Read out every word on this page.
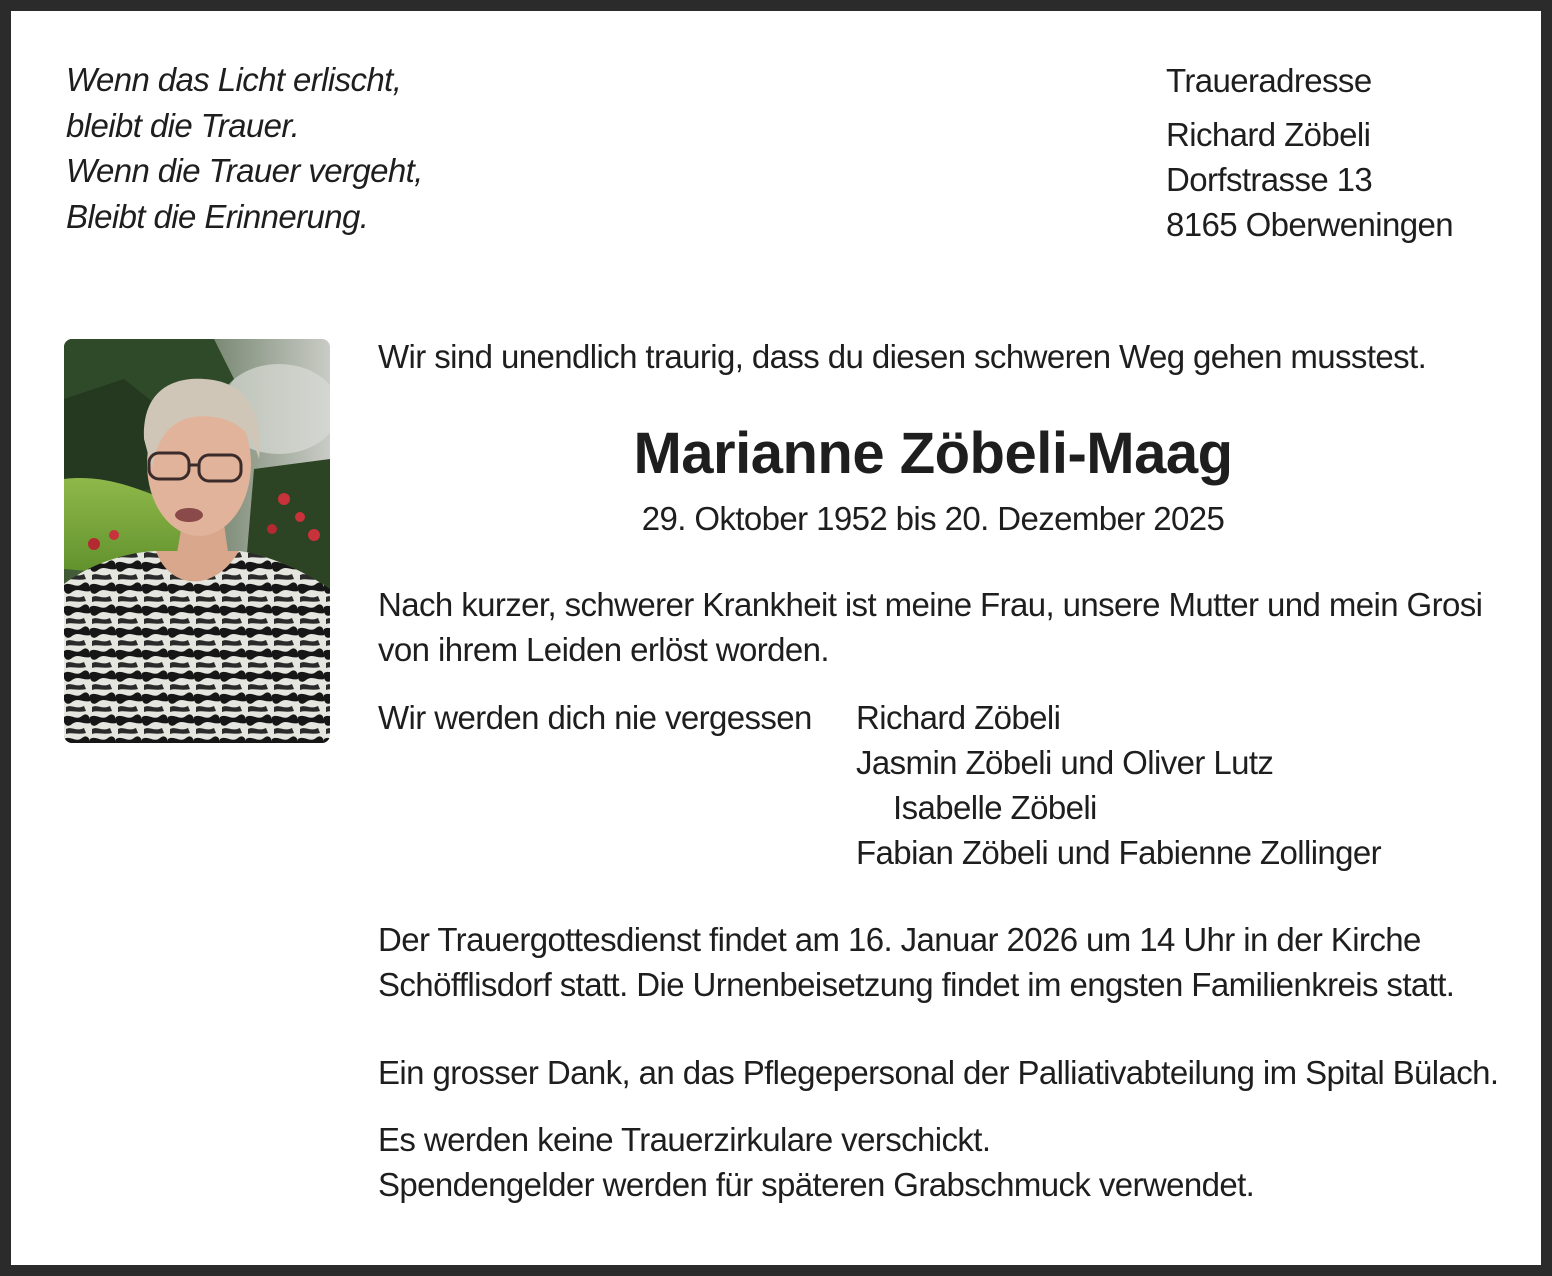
Wenn das Licht erlischt,
bleibt die Trauer.
Wenn die Trauer vergeht,
Bleibt die Erinnerung.
Traueradresse
Richard Zöbeli
Dorfstrasse 13
8165 Oberweningen
Wir sind unendlich traurig, dass du diesen schweren Weg gehen musstest.
Marianne Zöbeli-Maag
29. Oktober 1952 bis 20. Dezember 2025
Nach kurzer, schwerer Krankheit ist meine Frau, unsere Mutter und mein Grosi
von ihrem Leiden erlöst worden.
Wir werden dich nie vergessen Richard Zöbeli
Jasmin Zöbeli und Oliver Lutz
Isabelle Zöbeli
Fabian Zöbeli und Fabienne Zollinger
Der Trauergottesdienst findet am 16. Januar 2026 um 14 Uhr in der Kirche
Schöfflisdorf statt. Die Urnenbeisetzung findet im engsten Familienkreis statt.
Ein grosser Dank, an das Pflegepersonal der Palliativabteilung im Spital Bülach.
Es werden keine Trauerzirkulare verschickt.
Spendengelder werden für späteren Grabschmuck verwendet.
